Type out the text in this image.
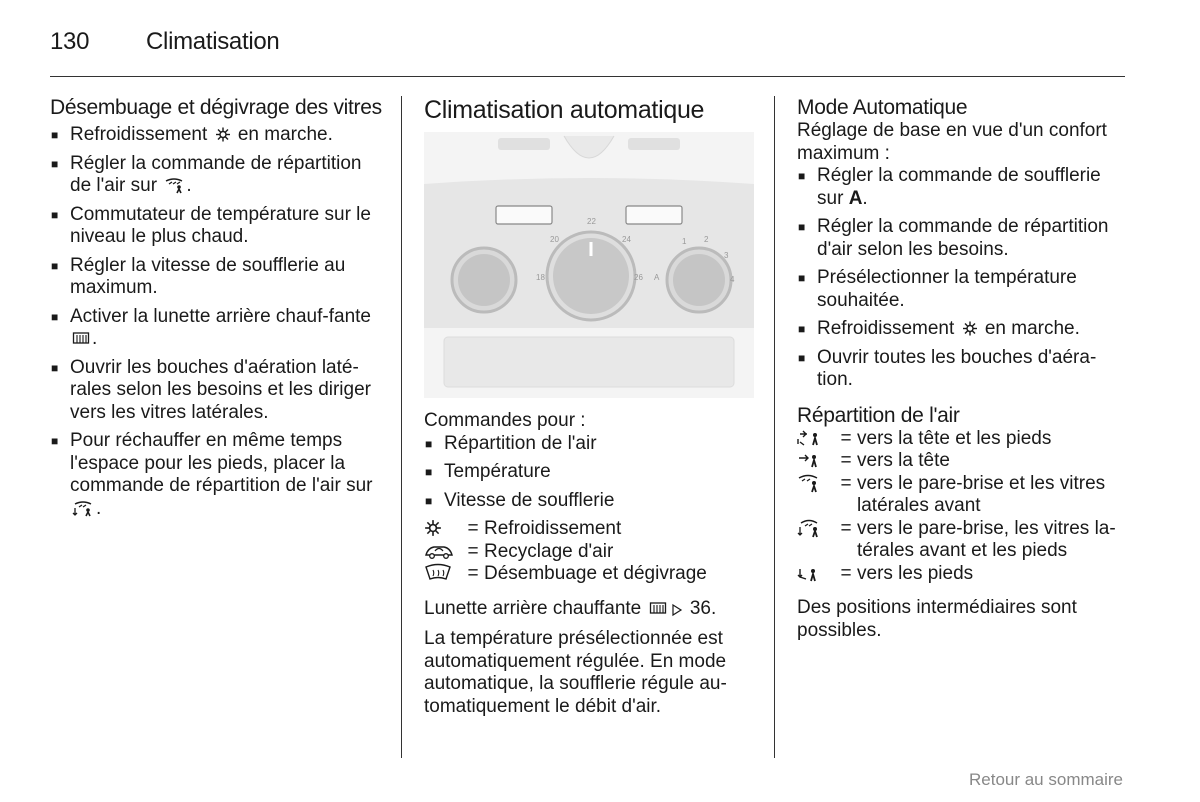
130 Climatisation
Désembuage et dégivrage des vitres
■ Refroidissement en marche.
■ Régler la commande de répartition de l'air sur .
■ Commutateur de température sur le niveau le plus chaud.
■ Régler la vitesse de soufflerie au maximum.
■ Activer la lunette arrière chauf-fante .
■ Ouvrir les bouches d'aération laté-rales selon les besoins et les diriger vers les vitres latérales.
■ Pour réchauffer en même temps l'espace pour les pieds, placer la commande de répartition de l'air sur .
Climatisation automatique
20
22
24
18	26
1 2
3
4
A

Commandes pour :

■ Répartition de l'air
■ Température
■ Vitesse de soufflerie
= Refroidissement
= Recyclage d'air
= Désembuage et dégivrage

Lunette arrière chauffante	36.

La température présélectionnée est automatiquement régulée. En mode automatique, la soufflerie régule au-tomatiquement le débit d'air.

Mode Automatique

Réglage de base en vue d'un confort maximum :

■ Régler la commande de soufflerie sur A.
■ Régler la commande de répartition d'air selon les besoins.
■ Présélectionner la température souhaitée.
■ Refroidissement en marche.
■ Ouvrir toutes les bouches d'aéra-tion.
Répartition de l'air
= vers la tête et les pieds
= vers la tête
= vers le pare-brise et les vitres latérales avant
= vers le pare-brise, les vitres la-térales avant et les pieds
= vers les pieds

Des positions intermédiaires sont possibles.

Retour au sommaire
